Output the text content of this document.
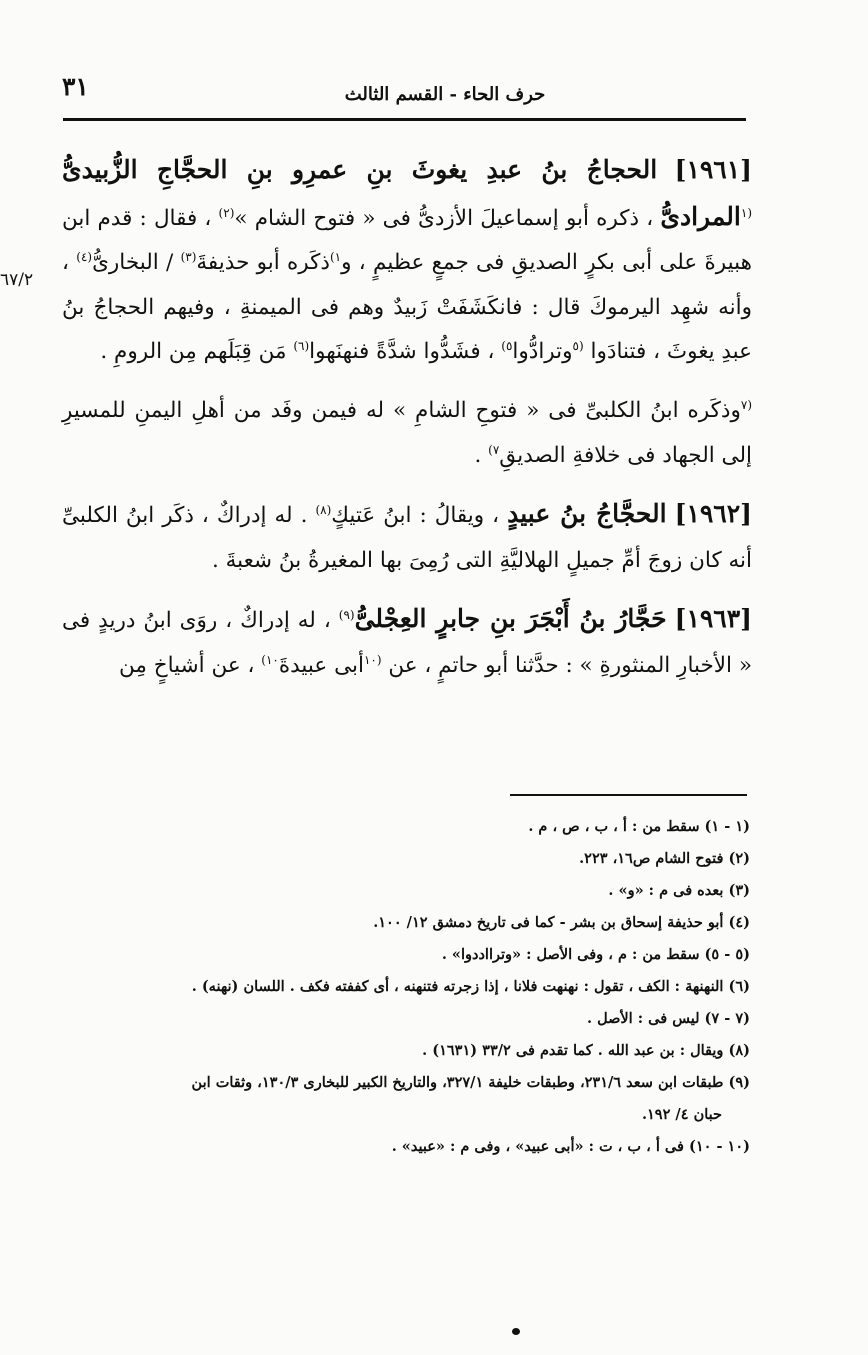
٣١	حرف الحاء - القسم الثالث
٦٧/٢

[١٩٦١] الحجاجُ بنُ عبدِ يغوثَ بنِ عمرِو بنِ الحجَّاجِ الزُّبيدىُّ $^{(١}$المرادىُّ ، ذكره أبو إسماعيلَ الأزدىُّ فى « فتوح الشام »$^{(٢)}$ ، فقال : قدم ابن هبيرةَ على أبى بكرٍ الصديقِ فى جمعٍ عظيمٍ ، و$^{١)}$ذكَره أبو حذيفةَ$^{(٣)}$ / البخارىُّ$^{(٤)}$ ، وأنه شهِد اليرموكَ قال : فانكَشَفَتْ زَبيدٌ وهم فى الميمنةِ ، وفيهم الحجاجُ بنُ عبدِ يغوثَ ، فتنادَوا $^{(٥}$وترادُّوا$^{٥)}$ ، فشَدُّوا شدَّةً فنهنَهوا$^{(٦)}$ مَن قِبَلَهم مِن الرومِ .

$^{(٧}$وذكَره ابنُ الكلبىِّ فى « فتوحِ الشامِ » له فيمن وفَد من أهلِ اليمنِ للمسيرِ إلى الجهاد فى خلافةِ الصديقِ$^{٧)}$ .

[١٩٦٢] الحجَّاجُ بنُ عبيدٍ ، ويقالُ : ابنُ عَتيكٍ$^{(٨)}$ . له إدراكٌ ، ذكَر ابنُ الكلبىِّ أنه كان زوجَ أمِّ جميلٍ الهلاليَّةِ التى رُمِىَ بها المغيرةُ بنُ شعبةَ .

[١٩٦٣] حَجَّارُ بنُ أَبْجَرَ بنِ جابرٍ العِجْلىُّ$^{(٩)}$ ، له إدراكٌ ، روَى ابنُ دريدٍ فى « الأخبارِ المنثورةِ » : حدَّثنا أبو حاتمٍ ، عن $^{(١٠}$أبى عبيدةَ$^{١٠)}$ ، عن أشياخٍ مِن

(١ - ١) سقط من : أ ، ب ، ص ، م .
(٢) فتوح الشام ص١٦، ٢٢٣.
(٣) بعده فى م : «و» .
(٤) أبو حذيفة إسحاق بن بشر - كما فى تاريخ دمشق ١٢/ ١٠٠.
(٥ - ٥) سقط من : م ، وفى الأصل : «وترااددوا» .
(٦) النهنهة : الكف ، تقول : نهنهت فلانا ، إذا زجرته فتنهنه ، أى كففته فكف . اللسان (نهنه) .
(٧ - ٧) ليس فى : الأصل .
(٨) ويقال : بن عبد الله . كما تقدم فى ٣٣/٢ (١٦٣١) .
(٩) طبقات ابن سعد ٢٣١/٦، وطبقات خليفة ٣٢٧/١، والتاريخ الكبير للبخارى ١٣٠/٣، وثقات ابن
حبان ٤/ ١٩٢.
(١٠ - ١٠) فى أ ، ب ، ت : «أبى عبيد» ، وفى م : «عبيد» .
